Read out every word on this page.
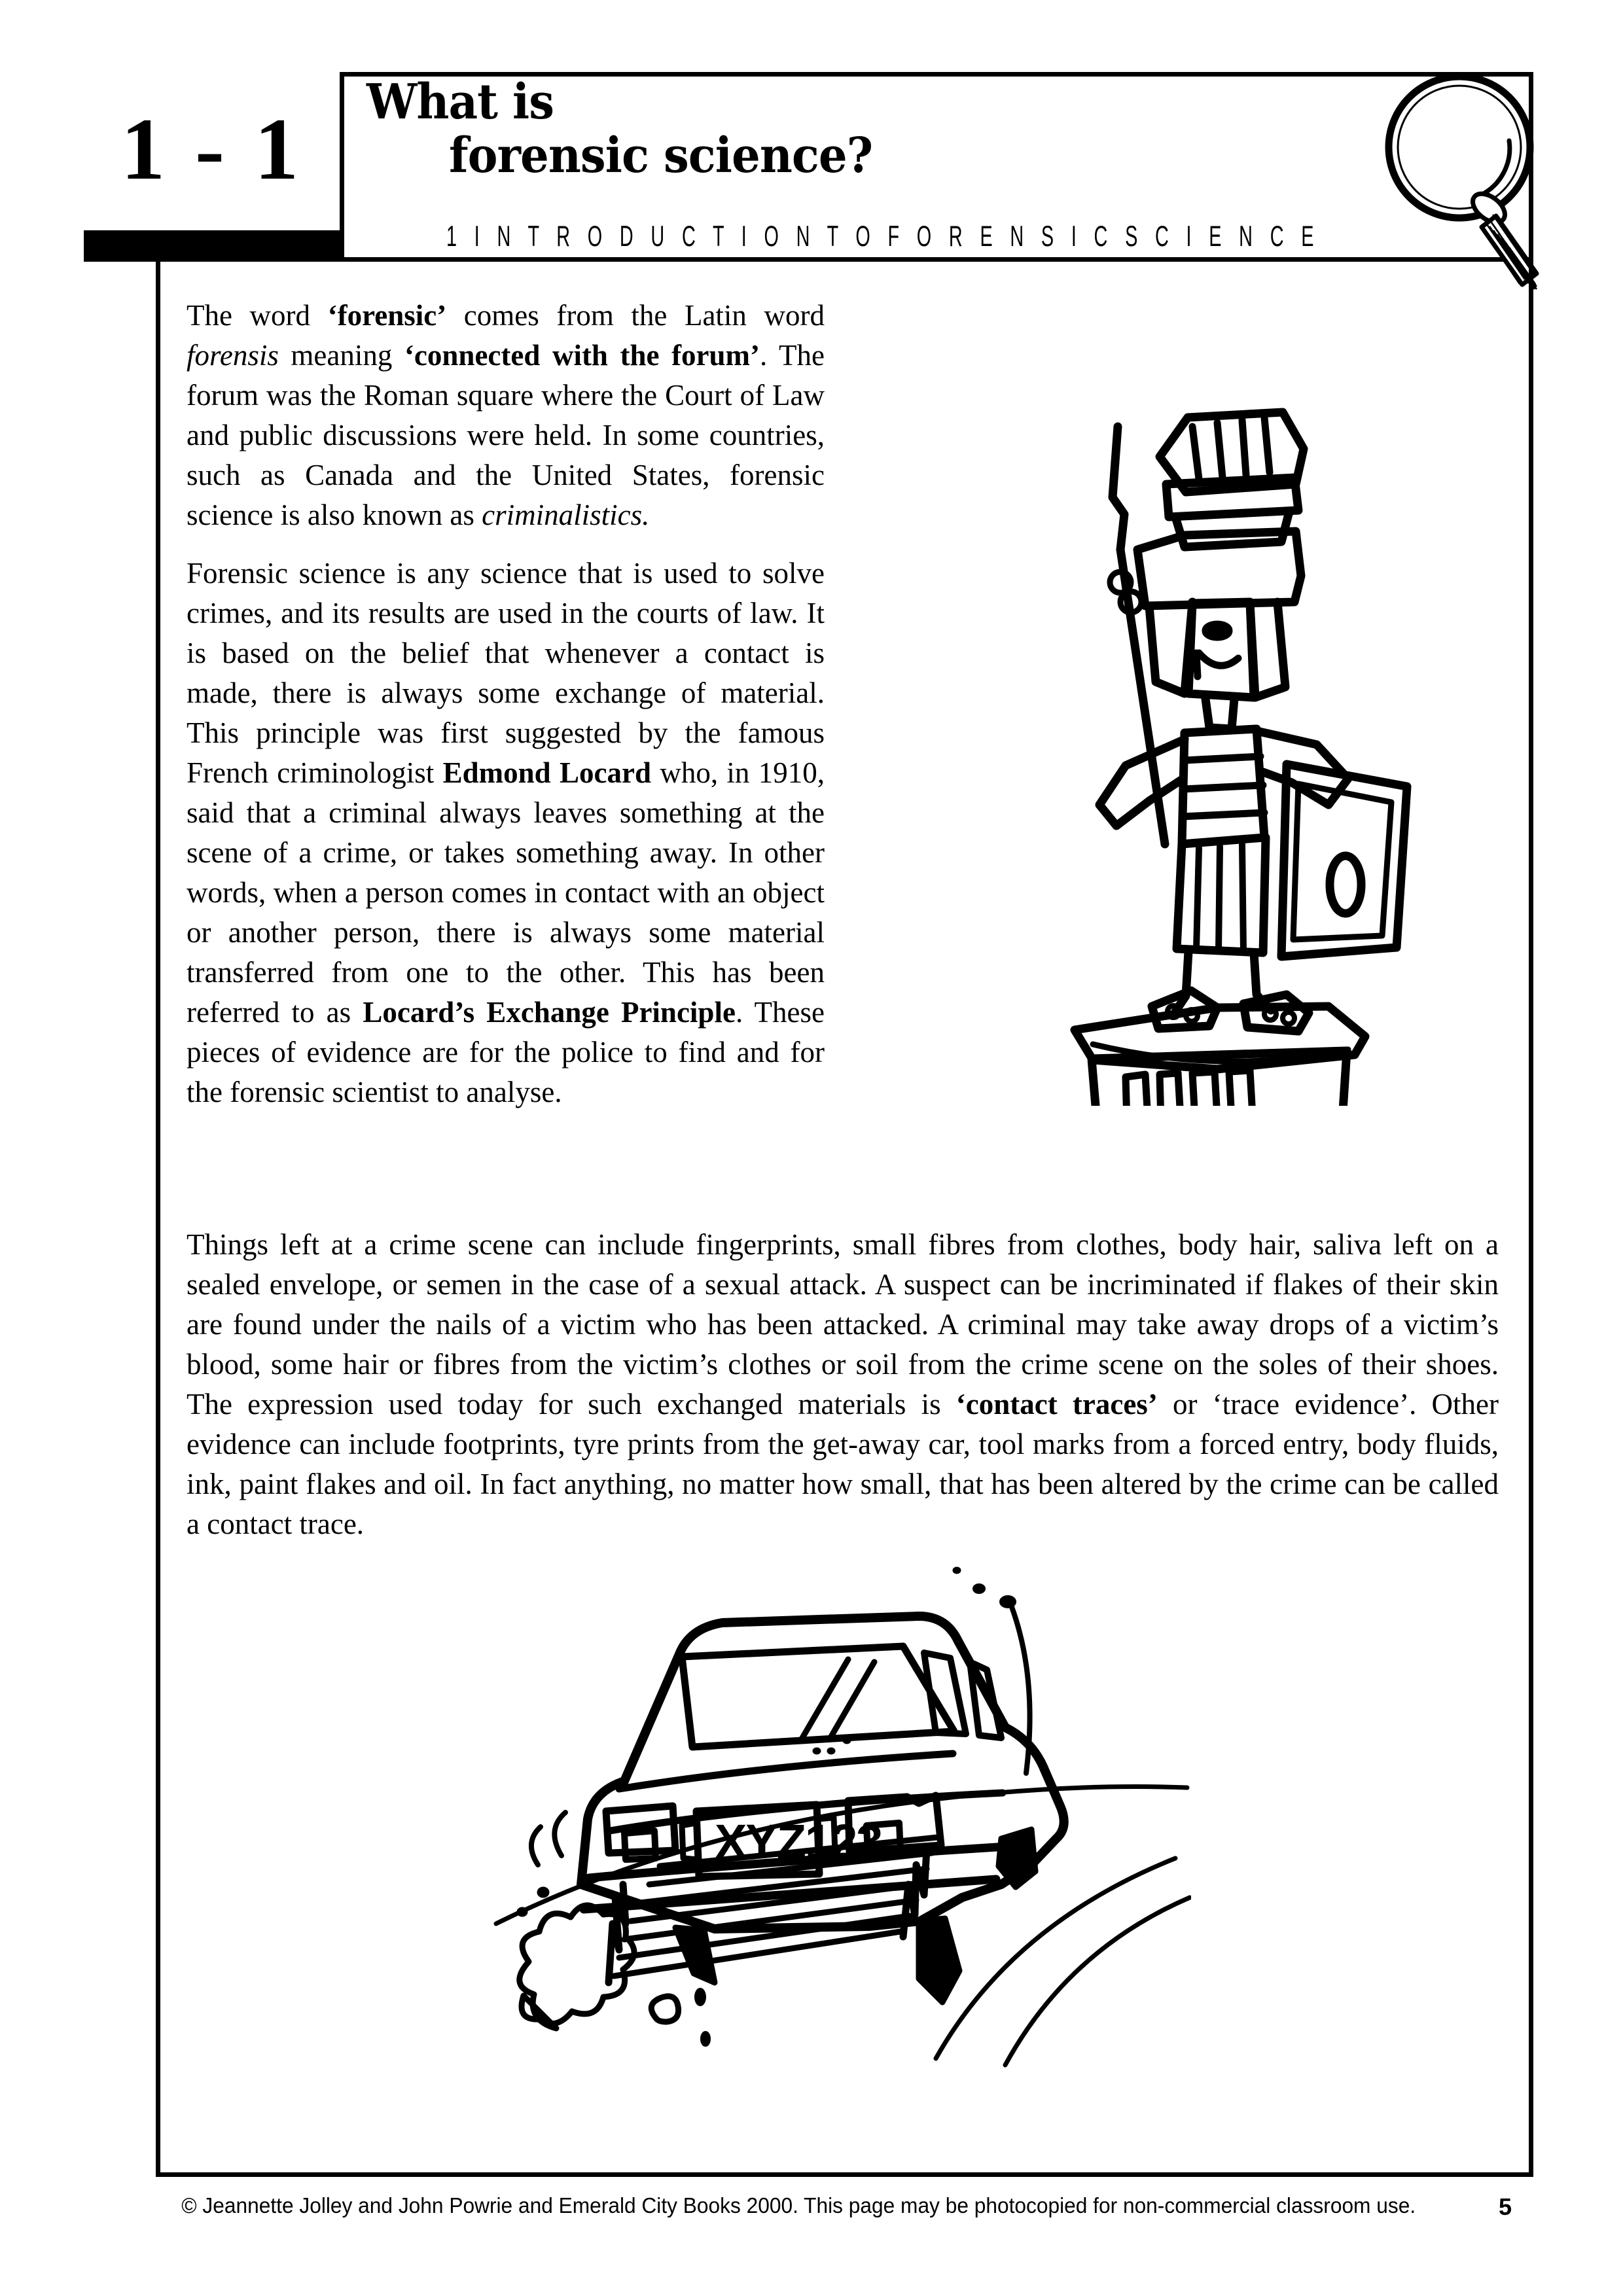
1 - 1	What is
forensic science?
1 I N T R O D U C T I O N T O F O R E N S I C S C I E N C E

The word ‘forensic’ comes from the Latin word forensis meaning ‘connected with the forum’. The forum was the Roman square where the Court of Law and public discussions were held. In some countries, such as Canada and the United States, forensic science is also known as criminalistics.

Forensic science is any science that is used to solve crimes, and its results are used in the courts of law. It is based on the belief that whenever a contact is made, there is always some exchange of material. This principle was first suggested by the famous French criminologist Edmond Locard who, in 1910, said that a criminal always leaves something at the scene of a crime, or takes something away. In other words, when a person comes in contact with an object or another person, there is always some material transferred from one to the other. This has been referred to as Locard’s Exchange Principle. These pieces of evidence are for the police to find and for the forensic scientist to analyse.

Things left at a crime scene can include fingerprints, small fibres from clothes, body hair, saliva left on a sealed envelope, or semen in the case of a sexual attack. A suspect can be incriminated if flakes of their skin are found under the nails of a victim who has been attacked. A criminal may take away drops of a victim’s blood, some hair or fibres from the victim’s clothes or soil from the crime scene on the soles of their shoes. The expression used today for such exchanged materials is ‘contact traces’ or ‘trace evidence’. Other evidence can include footprints, tyre prints from the get-away car, tool marks from a forced entry, body fluids, ink, paint flakes and oil. In fact anything, no matter how small, that has been altered by the crime can be called a contact trace.

XYZ123
© Jeannette Jolley and John Powrie and Emerald City Books 2000. This page may be photocopied for non-commercial classroom use.	5
